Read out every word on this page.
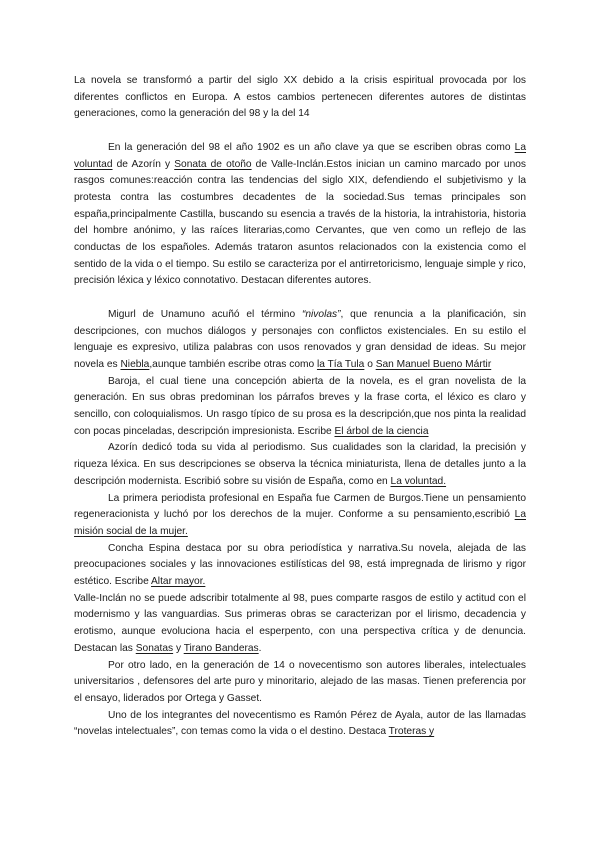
La novela se transformó a partir del siglo XX debido a la crisis espiritual provocada por los diferentes conflictos en Europa. A estos cambios pertenecen diferentes autores de distintas generaciones, como la generación del 98 y la del 14

En la generación del 98 el año 1902 es un año clave ya que se escriben obras como La voluntad de Azorín y Sonata de otoño de Valle-Inclán.Estos inician un camino marcado por unos rasgos comunes:reacción contra las tendencias del siglo XIX, defendiendo el subjetivismo y la protesta contra las costumbres decadentes de la sociedad.Sus temas principales son españa,principalmente Castilla, buscando su esencia a través de la historia, la intrahistoria, historia del hombre anónimo, y las raíces literarias,como Cervantes, que ven como un reflejo de las conductas de los españoles. Además trataron asuntos relacionados con la existencia como el sentido de la vida o el tiempo. Su estilo se caracteriza por el antirretoricismo, lenguaje simple y rico, precisión léxica y léxico connotativo. Destacan diferentes autores.

Migurl de Unamuno acuñó el término “nivolas”, que renuncia a la planificación, sin descripciones, con muchos diálogos y personajes con conflictos existenciales. En su estilo el lenguaje es expresivo, utiliza palabras con usos renovados y gran densidad de ideas. Su mejor novela es Niebla,aunque también escribe otras como la Tía Tula o San Manuel Bueno Mártir

Baroja, el cual tiene una concepción abierta de la novela, es el gran novelista de la generación. En sus obras predominan los párrafos breves y la frase corta, el léxico es claro y sencillo, con coloquialismos. Un rasgo típico de su prosa es la descripción,que nos pinta la realidad con pocas pinceladas, descripción impresionista. Escribe El árbol de la ciencia

Azorín dedicó toda su vida al periodismo. Sus cualidades son la claridad, la precisión y riqueza léxica. En sus descripciones se observa la técnica miniaturista, llena de detalles junto a la descripción modernista. Escribió sobre su visión de España, como en La voluntad.

La primera periodista profesional en España fue Carmen de Burgos.Tiene un pensamiento regeneracionista y luchó por los derechos de la mujer. Conforme a su pensamiento,escribió La misión social de la mujer.

Concha Espina destaca por su obra periodística y narrativa.Su novela, alejada de las preocupaciones sociales y las innovaciones estilísticas del 98, está impregnada de lirismo y rigor estético. Escribe Altar mayor.

Valle-Inclán no se puede adscribir totalmente al 98, pues comparte rasgos de estilo y actitud con el modernismo y las vanguardias. Sus primeras obras se caracterizan por el lirismo, decadencia y erotismo, aunque evoluciona hacia el esperpento, con una perspectiva crítica y de denuncia. Destacan las Sonatas y Tirano Banderas.

Por otro lado, en la generación de 14 o novecentismo son autores liberales, intelectuales universitarios , defensores del arte puro y minoritario, alejado de las masas. Tienen preferencia por el ensayo, liderados por Ortega y Gasset.

Uno de los integrantes del novecentismo es Ramón Pérez de Ayala, autor de las llamadas “novelas intelectuales”, con temas como la vida o el destino. Destaca Troteras y
